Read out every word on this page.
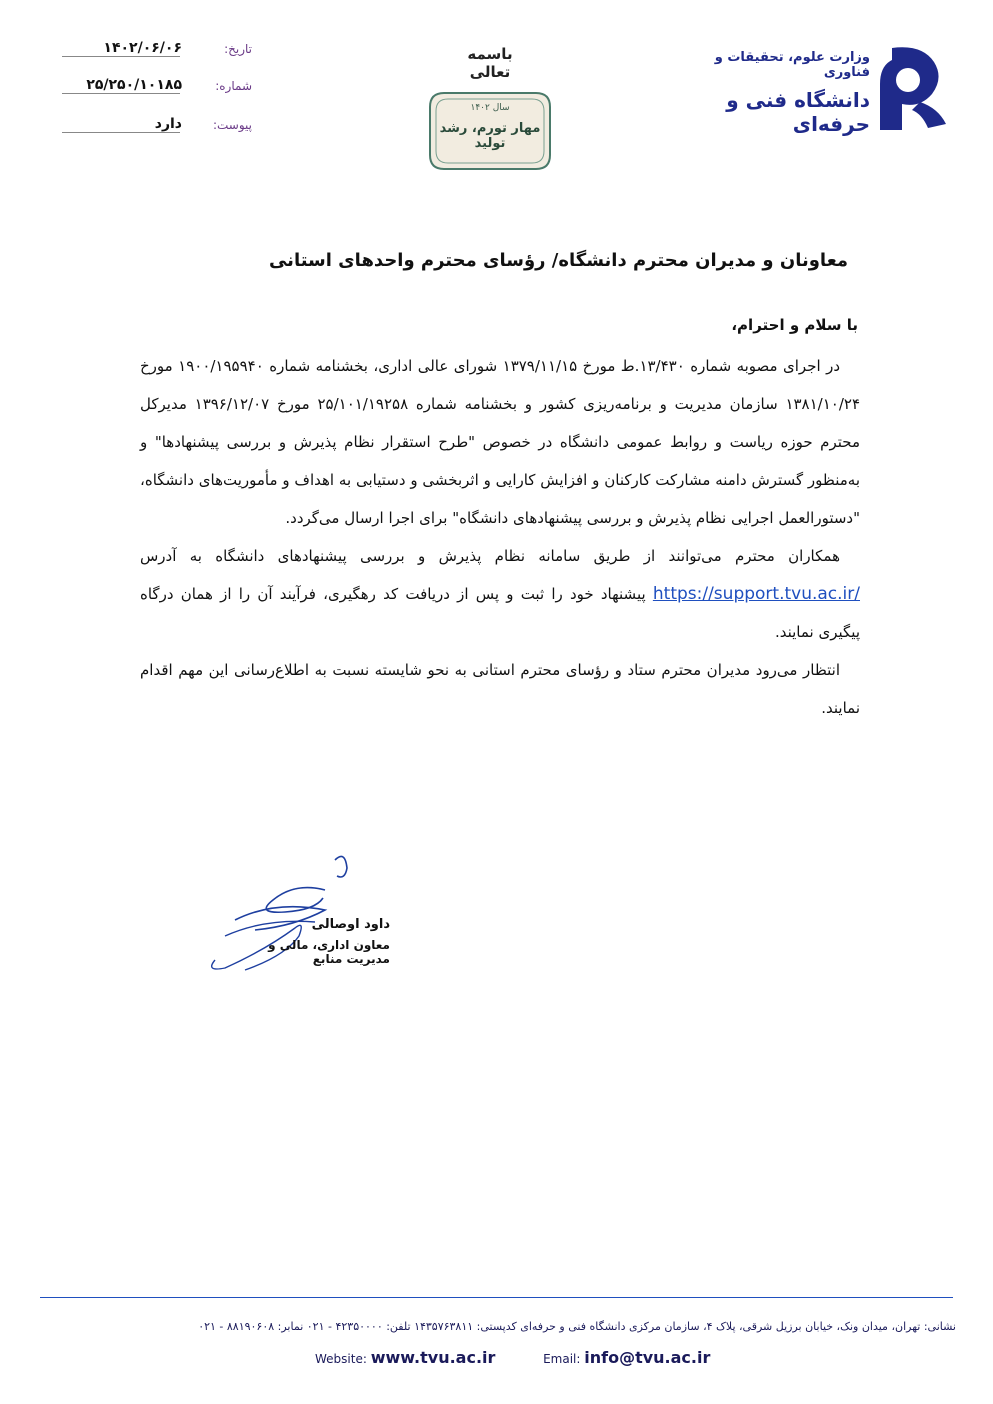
تاریخ:
۱۴۰۲/۰۶/۰۶
شماره:
۲۵/۲۵۰/۱۰۱۸۵
پیوست:
دارد
باسمه تعالی
سال ۱۴۰۲
مهار تورم، رشد تولید
وزارت علوم، تحقیقات و فناوری
دانشگاه فنی و حرفه‌ای
معاونان و مدیران محترم دانشگاه/ رؤسای محترم واحدهای استانی
با سلام و احترام،

در اجرای مصوبه شماره ۱۳/۴۳۰.ط مورخ ۱۳۷۹/۱۱/۱۵ شورای عالی اداری، بخشنامه شماره ۱۹۰۰/۱۹۵۹۴۰ مورخ ۱۳۸۱/۱۰/۲۴ سازمان مدیریت و برنامه‌ریزی کشور و بخشنامه شماره ۲۵/۱۰۱/۱۹۲۵۸ مورخ ۱۳۹۶/۱۲/۰۷ مدیرکل محترم حوزه ریاست و روابط عمومی دانشگاه در خصوص "طرح استقرار نظام پذیرش و بررسی پیشنهادها" و به‌منظور گسترش دامنه مشارکت کارکنان و افزایش کارایی و اثربخشی و دستیابی به اهداف و مأموریت‌های دانشگاه، "دستورالعمل اجرایی نظام پذیرش و بررسی پیشنهادهای دانشگاه" برای اجرا ارسال می‌گردد.

همکاران محترم می‌توانند از طریق سامانه نظام پذیرش و بررسی پیشنهادهای دانشگاه به آدرس https://support.tvu.ac.ir/ پیشنهاد خود را ثبت و پس از دریافت کد رهگیری، فرآیند آن را از همان درگاه پیگیری نمایند.

انتظار می‌رود مدیران محترم ستاد و رؤسای محترم استانی به نحو شایسته نسبت به اطلاع‌رسانی این مهم اقدام نمایند.

داود اوصالی
معاون اداری، مالی و مدیریت منابع
نشانی: تهران، میدان ونک، خیابان برزیل شرقی، پلاک ۴، سازمان مرکزی دانشگاه فنی و حرفه‌ای کدپستی: ۱۴۳۵۷۶۳۸۱۱ تلفن: ۴۲۳۵۰۰۰۰ - ۰۲۱ نمابر: ۸۸۱۹۰۶۰۸ - ۰۲۱
Website: www.tvu.ac.ir	Email: info@tvu.ac.ir
